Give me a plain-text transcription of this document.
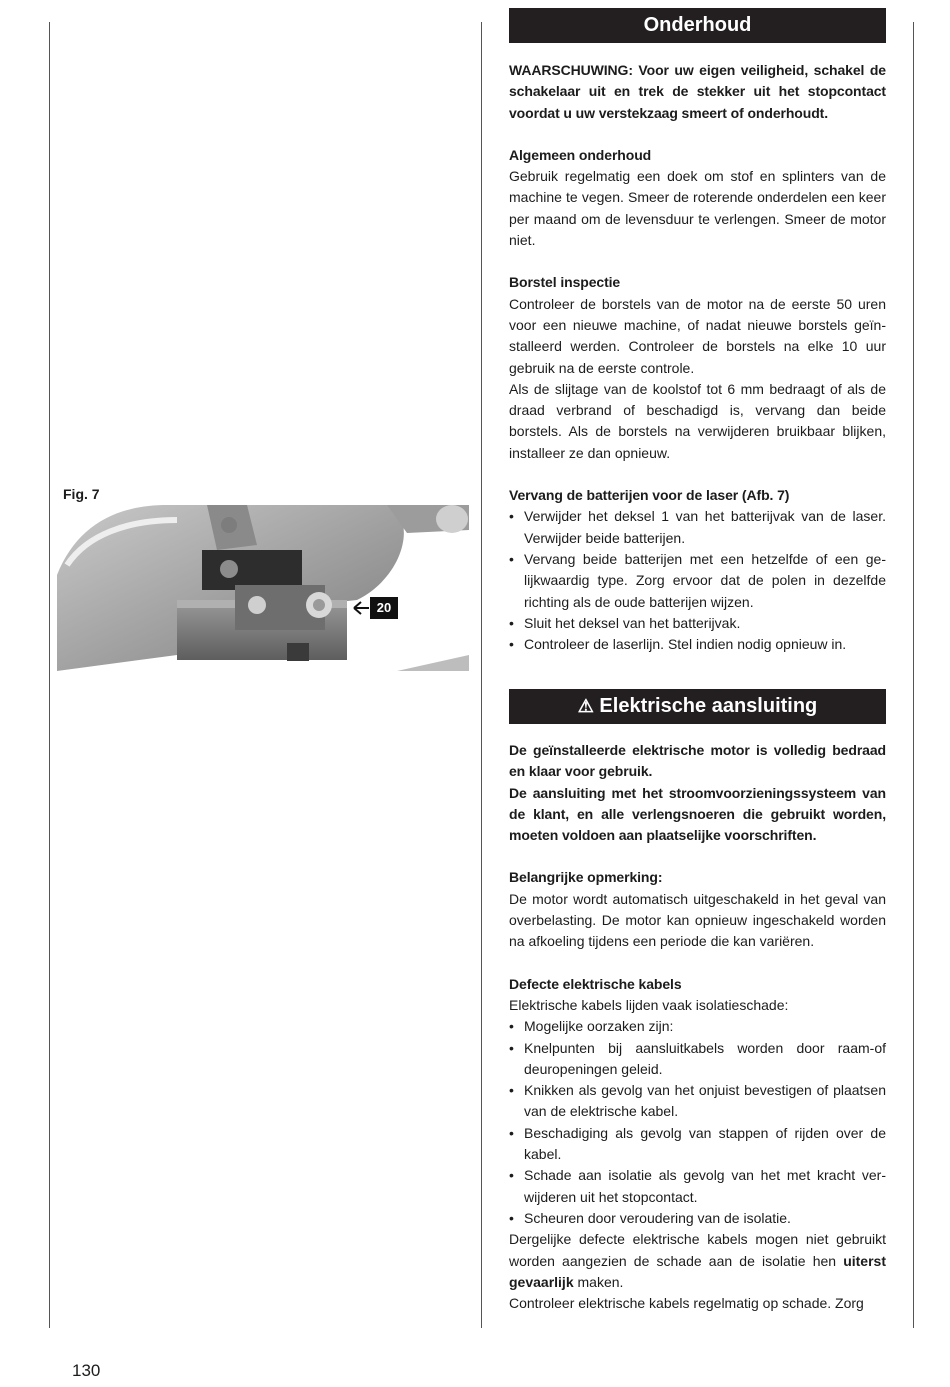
Onderhoud

WAARSCHUWING: Voor uw eigen veiligheid, schakel de schakelaar uit en trek de stekker uit het stopcontact voordat u uw verstekzaag smeert of onderhoudt.

Algemeen onderhoud

Gebruik regelmatig een doek om stof en splinters van de machine te vegen. Smeer de roterende onderdelen een keer per maand om de levensduur te verlengen. Smeer de motor niet.

Borstel inspectie

Controleer de borstels van de motor na de eerste 50 uren voor een nieuwe machine, of nadat nieuwe borstels geïnstalleerd werden. Controleer de borstels na elke 10 uur gebruik na de eerste controle.

Als de slijtage van de koolstof tot 6 mm bedraagt of als de draad verbrand of beschadigd is, vervang dan beide borstels. Als de borstels na verwijderen bruikbaar blijken, installeer ze dan opnieuw.

Vervang de batterijen voor de laser (Afb. 7)

• Verwijder het deksel 1 van het batterijvak van de laser. Verwijder beide batterijen.
• Vervang beide batterijen met een hetzelfde of een gelijkwaardig type. Zorg ervoor dat de polen in dezelfde richting als de oude batterijen wijzen.
• Sluit het deksel van het batterijvak.
• Controleer de laserlijn. Stel indien nodig opnieuw in.
Fig. 7
20
⚠ Elektrische aansluiting

De geïnstalleerde elektrische motor is volledig bedraad en klaar voor gebruik.

De aansluiting met het stroomvoorzieningssysteem van de klant, en alle verlengsnoeren die gebruikt worden, moeten voldoen aan plaatselijke voorschriften.

Belangrijke opmerking:

De motor wordt automatisch uitgeschakeld in het geval van overbelasting. De motor kan opnieuw ingeschakeld worden na afkoeling tijdens een periode die kan variëren.

Defecte elektrische kabels

Elektrische kabels lijden vaak isolatieschade:

• Mogelijke oorzaken zijn:
• Knelpunten bij aansluitkabels worden door raam-of deuropeningen geleid.
• Knikken als gevolg van het onjuist bevestigen of plaatsen van de elektrische kabel.
• Beschadiging als gevolg van stappen of rijden over de kabel.
• Schade aan isolatie als gevolg van het met kracht verwijderen uit het stopcontact.
• Scheuren door veroudering van de isolatie.

Dergelijke defecte elektrische kabels mogen niet gebruikt worden aangezien de schade aan de isolatie hen uiterst gevaarlijk maken.

Controleer elektrische kabels regelmatig op schade. Zorg

130
